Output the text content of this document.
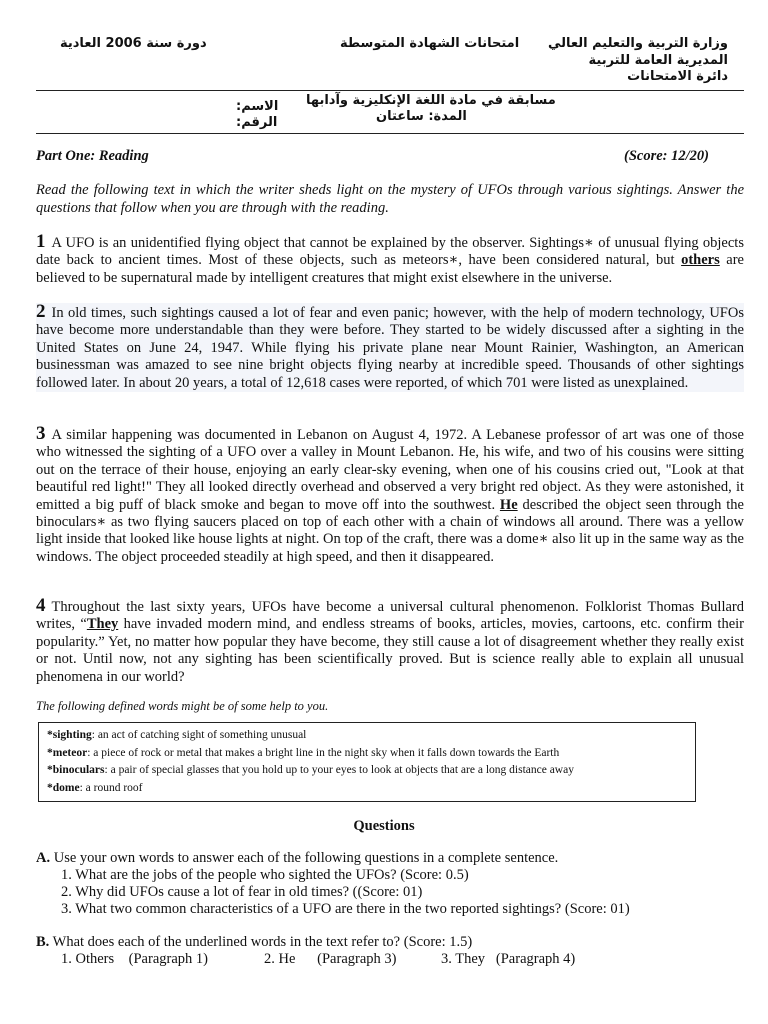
دورة سنة 2006 العادية	امتحانات الشهادة المتوسطة وزارة التربية والتعليم العالي
المديرية العامة للتربية
دائرة الامتحانات
مسابقة في مادة اللغة الإنكليزية وآدابها
المدة: ساعتان
الاسم:
الرقم:
Part One: Reading	(Score: 12/20)
Read the following text in which the writer sheds light on the mystery of UFOs through various sightings. Answer the questions that follow when you are through with the reading.
1 A UFO is an unidentified flying object that cannot be explained by the observer. Sightings∗ of unusual flying objects date back to ancient times. Most of these objects, such as meteors∗, have been considered natural, but others are believed to be supernatural made by intelligent creatures that might exist elsewhere in the universe.
2 In old times, such sightings caused a lot of fear and even panic; however, with the help of modern technology, UFOs have become more understandable than they were before. They started to be widely discussed after a sighting in the United States on June 24, 1947. While flying his private plane near Mount Rainier, Washington, an American businessman was amazed to see nine bright objects flying nearby at incredible speed. Thousands of other sightings followed later. In about 20 years, a total of 12,618 cases were reported, of which 701 were listed as unexplained.
3 A similar happening was documented in Lebanon on August 4, 1972. A Lebanese professor of art was one of those who witnessed the sighting of a UFO over a valley in Mount Lebanon. He, his wife, and two of his cousins were sitting out on the terrace of their house, enjoying an early clear-sky evening, when one of his cousins cried out, "Look at that beautiful red light!" They all looked directly overhead and observed a very bright red object. As they were astonished, it emitted a big puff of black smoke and began to move off into the southwest. He described the object seen through the binoculars∗ as two flying saucers placed on top of each other with a chain of windows all around. There was a yellow light inside that looked like house lights at night. On top of the craft, there was a dome∗ also lit up in the same way as the windows. The object proceeded steadily at high speed, and then it disappeared.
4 Throughout the last sixty years, UFOs have become a universal cultural phenomenon. Folklorist Thomas Bullard writes, “They have invaded modern mind, and endless streams of books, articles, movies, cartoons, etc. confirm their popularity.” Yet, no matter how popular they have become, they still cause a lot of disagreement whether they really exist or not. Until now, not any sighting has been scientifically proved. But is science really able to explain all unusual phenomena in our world?
The following defined words might be of some help to you.
*sighting: an act of catching sight of something unusual
*meteor: a piece of rock or metal that makes a bright line in the night sky when it falls down towards the Earth
*binoculars: a pair of special glasses that you hold up to your eyes to look at objects that are a long distance away
*dome: a round roof
Questions
A. Use your own words to answer each of the following questions in a complete sentence.
1. What are the jobs of the people who sighted the UFOs? (Score: 0.5)
2. Why did UFOs cause a lot of fear in old times? ((Score: 01)
3. What two common characteristics of a UFO are there in the two reported sightings? (Score: 01)
B. What does each of the underlined words in the text refer to? (Score: 1.5)
1. Others    (Paragraph 1)	2. He      (Paragraph 3)	3. They   (Paragraph 4)
